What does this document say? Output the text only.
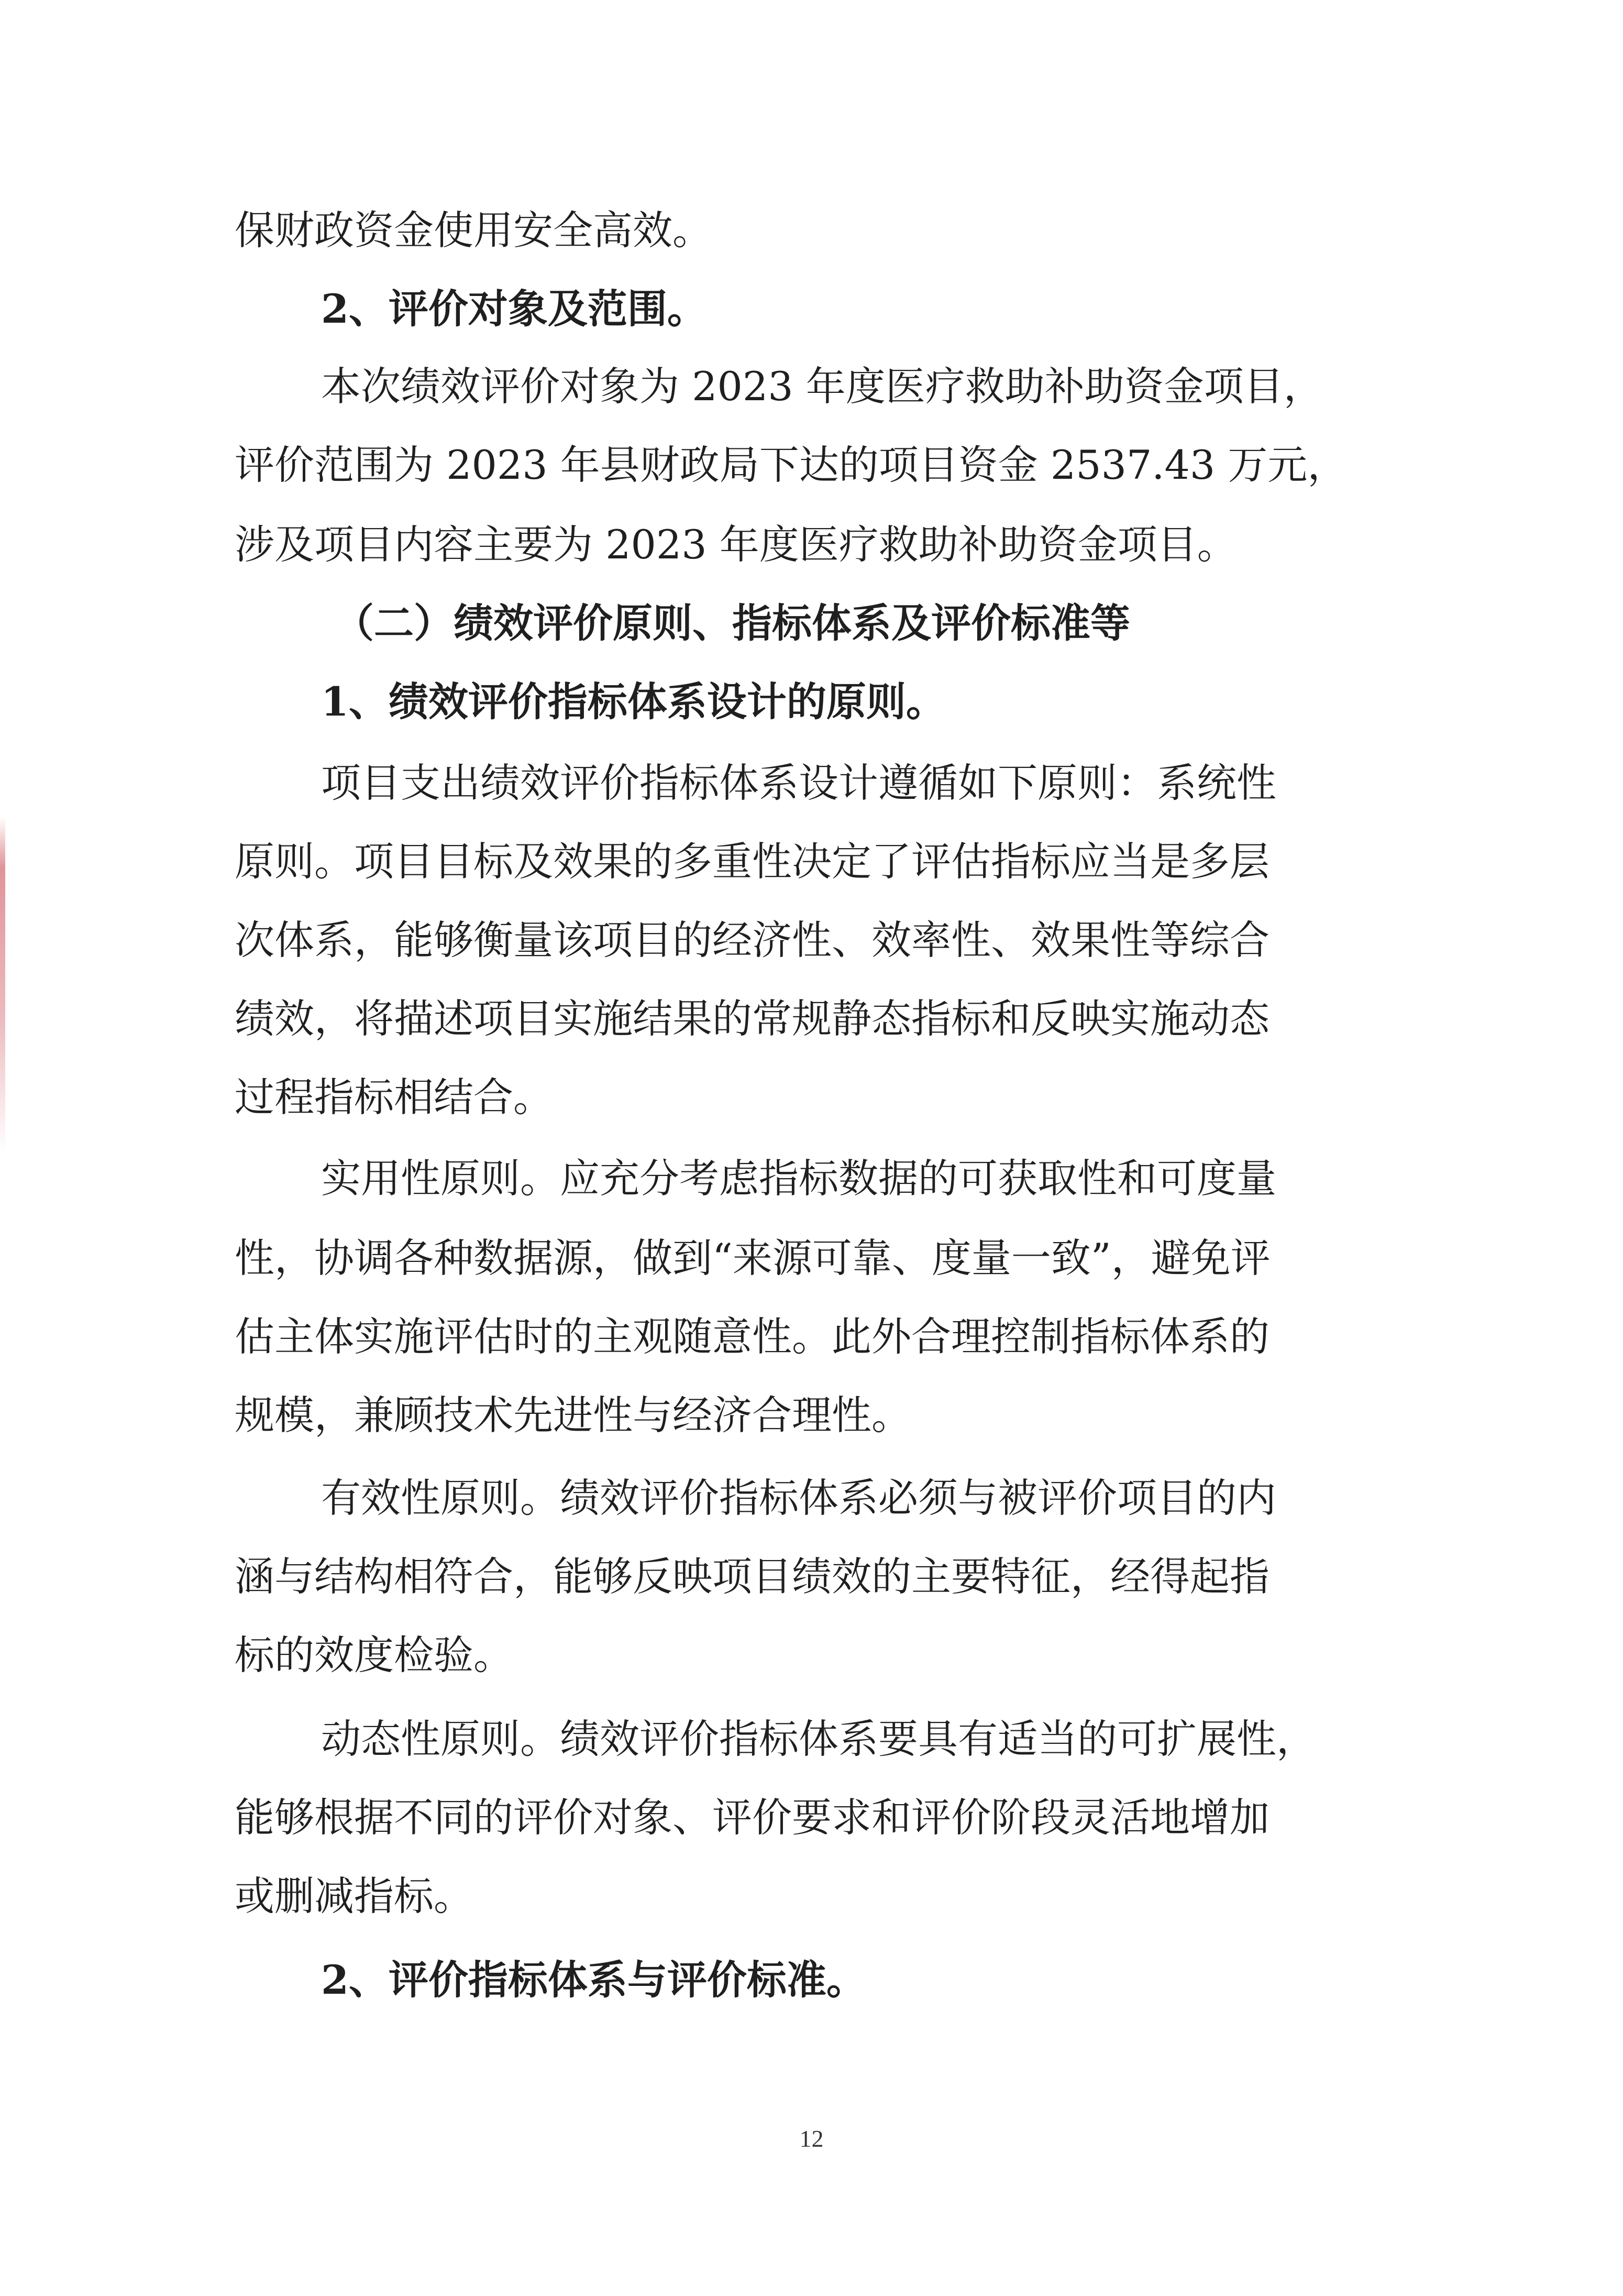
保财政资金使用安全高效。
2、评价对象及范围。
本次绩效评价对象为 2023 年度医疗救助补助资金项目，
评价范围为 2023 年县财政局下达的项目资金 2537.43 万元，
涉及项目内容主要为 2023 年度医疗救助补助资金项目。
（二）绩效评价原则、指标体系及评价标准等
1、绩效评价指标体系设计的原则。
项目支出绩效评价指标体系设计遵循如下原则：系统性
原则。项目目标及效果的多重性决定了评估指标应当是多层
次体系，能够衡量该项目的经济性、效率性、效果性等综合
绩效，将描述项目实施结果的常规静态指标和反映实施动态
过程指标相结合。
实用性原则。应充分考虑指标数据的可获取性和可度量
性，协调各种数据源，做到“来源可靠、度量一致”，避免评
估主体实施评估时的主观随意性。此外合理控制指标体系的
规模，兼顾技术先进性与经济合理性。
有效性原则。绩效评价指标体系必须与被评价项目的内
涵与结构相符合，能够反映项目绩效的主要特征，经得起指
标的效度检验。
动态性原则。绩效评价指标体系要具有适当的可扩展性，
能够根据不同的评价对象、评价要求和评价阶段灵活地增加
或删减指标。
2、评价指标体系与评价标准。
12
